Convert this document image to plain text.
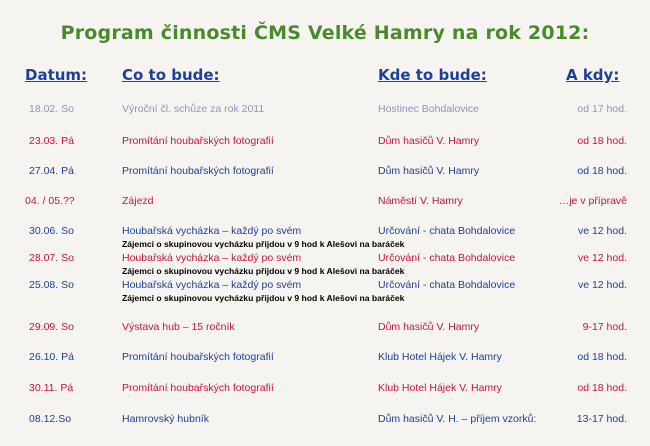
Program činnosti ČMS Velké Hamry na rok 2012:
Datum: Co to bude:	Kde to bude:	A kdy:
18.02. So	Výroční čl. schůze za rok 2011	Hostinec Bohdalovice	od 17 hod.
23.03. Pá	Promítání houbařských fotografií	Dům hasičů V. Hamry	od 18 hod.
27.04. Pá	Promítání houbařských fotografií	Dům hasičů V. Hamry	od 18 hod.
04. / 05.??	Zájezd	Náměstí V. Hamry	…je v přípravě
30.06. So	Houbařská vycházka – každý po svém	Určování - chata Bohdalovice	ve 12 hod.
Zájemci o skupinovou vycházku přijdou v 9 hod k Alešovi na baráček
28.07. So	Houbařská vycházka – každý po svém	Určování - chata Bohdalovice	ve 12 hod.
Zájemci o skupinovou vycházku přijdou v 9 hod k Alešovi na baráček
25.08. So	Houbařská vycházka – každý po svém	Určování - chata Bohdalovice	ve 12 hod.
Zájemci o skupinovou vycházku přijdou v 9 hod k Alešovi na baráček
29.09. So	Výstava hub – 15 ročník	Dům hasičů V. Hamry	9-17 hod.
26.10. Pá	Promítání houbařských fotografií	Klub Hotel Hájek V. Hamry	od 18 hod.
30.11. Pá	Promítání houbařských fotografií	Klub Hotel Hájek V. Hamry	od 18 hod.
08.12.So	Hamrovský hubník	Dům hasičů V. H. – příjem vzorků:	13-17 hod.
